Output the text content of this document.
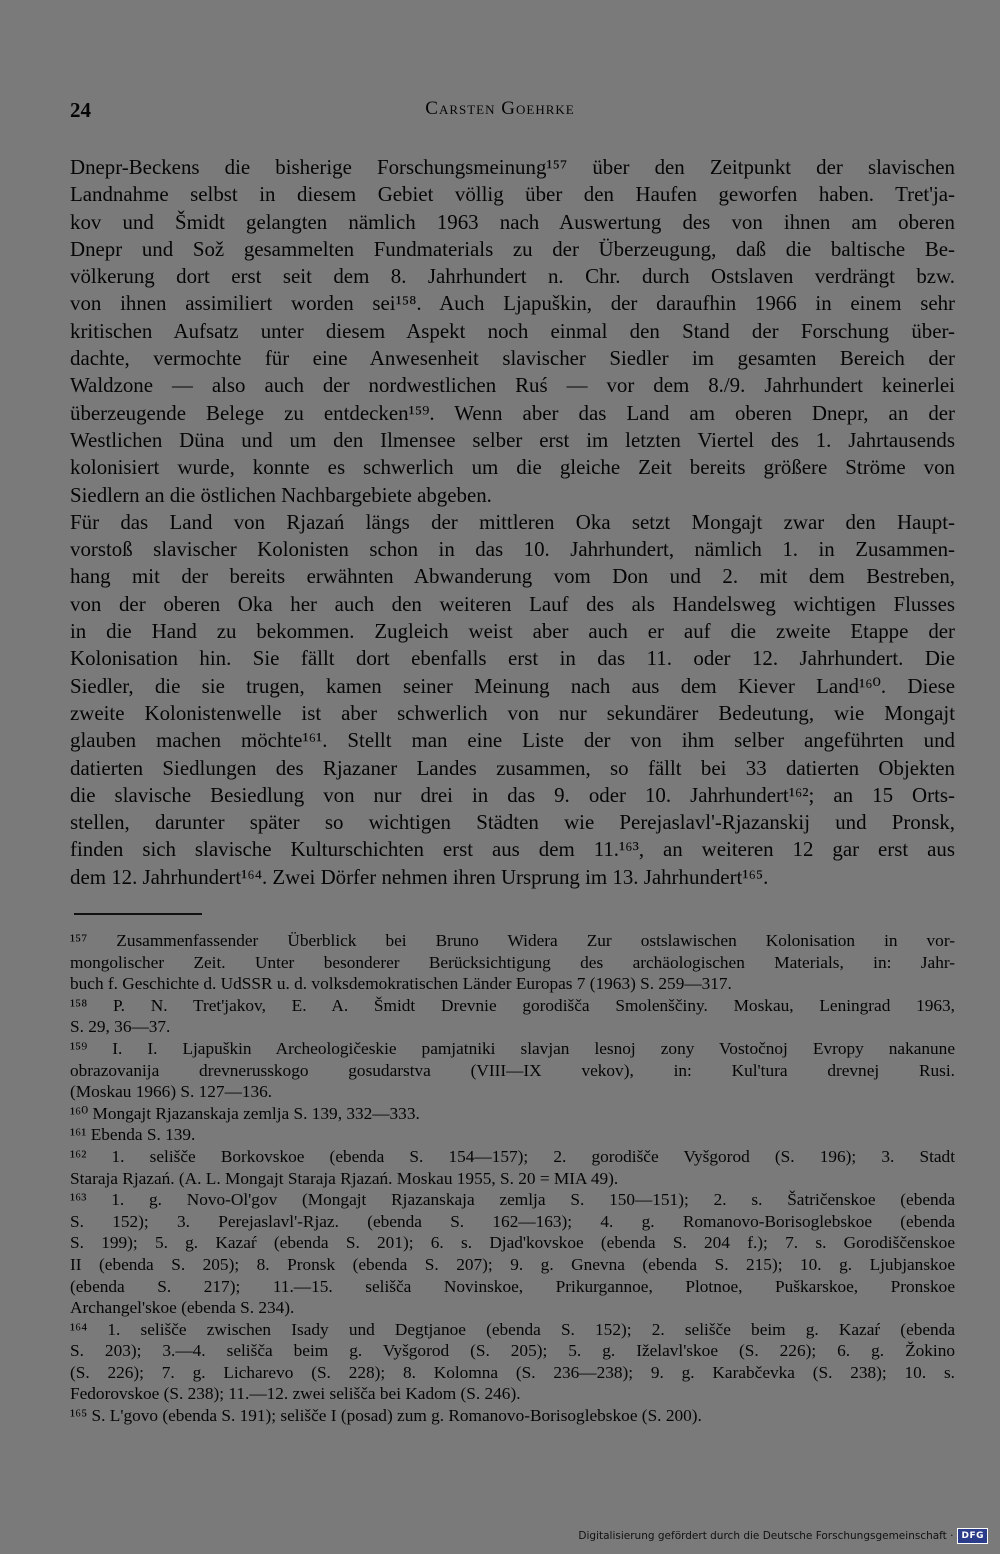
24	Carsten Goehrke
Dnepr-Beckens die bisherige Forschungsmeinung¹⁵⁷ über den Zeitpunkt der slavischen
Landnahme selbst in diesem Gebiet völlig über den Haufen geworfen haben. Tret'ja-
kov und Šmidt gelangten nämlich 1963 nach Auswertung des von ihnen am oberen
Dnepr und Sož gesammelten Fundmaterials zu der Überzeugung, daß die baltische Be-
völkerung dort erst seit dem 8. Jahrhundert n. Chr. durch Ostslaven verdrängt bzw.
von ihnen assimiliert worden sei¹⁵⁸. Auch Ljapuškin, der daraufhin 1966 in einem sehr
kritischen Aufsatz unter diesem Aspekt noch einmal den Stand der Forschung über-
dachte, vermochte für eine Anwesenheit slavischer Siedler im gesamten Bereich der
Waldzone — also auch der nordwestlichen Ruś — vor dem 8./9. Jahrhundert keinerlei
überzeugende Belege zu entdecken¹⁵⁹. Wenn aber das Land am oberen Dnepr, an der
Westlichen Düna und um den Ilmensee selber erst im letzten Viertel des 1. Jahrtausends
kolonisiert wurde, konnte es schwerlich um die gleiche Zeit bereits größere Ströme von
Siedlern an die östlichen Nachbargebiete abgeben.
Für das Land von Rjazań längs der mittleren Oka setzt Mongajt zwar den Haupt-
vorstoß slavischer Kolonisten schon in das 10. Jahrhundert, nämlich 1. in Zusammen-
hang mit der bereits erwähnten Abwanderung vom Don und 2. mit dem Bestreben,
von der oberen Oka her auch den weiteren Lauf des als Handelsweg wichtigen Flusses
in die Hand zu bekommen. Zugleich weist aber auch er auf die zweite Etappe der
Kolonisation hin. Sie fällt dort ebenfalls erst in das 11. oder 12. Jahrhundert. Die
Siedler, die sie trugen, kamen seiner Meinung nach aus dem Kiever Land¹⁶⁰. Diese
zweite Kolonistenwelle ist aber schwerlich von nur sekundärer Bedeutung, wie Mongajt
glauben machen möchte¹⁶¹. Stellt man eine Liste der von ihm selber angeführten und
datierten Siedlungen des Rjazaner Landes zusammen, so fällt bei 33 datierten Objekten
die slavische Besiedlung von nur drei in das 9. oder 10. Jahrhundert¹⁶²; an 15 Orts-
stellen, darunter später so wichtigen Städten wie Perejaslavl'-Rjazanskij und Pronsk,
finden sich slavische Kulturschichten erst aus dem 11.¹⁶³, an weiteren 12 gar erst aus
dem 12. Jahrhundert¹⁶⁴. Zwei Dörfer nehmen ihren Ursprung im 13. Jahrhundert¹⁶⁵.
¹⁵⁷ Zusammenfassender Überblick bei Bruno Widera Zur ostslawischen Kolonisation in vor-
mongolischer Zeit. Unter besonderer Berücksichtigung des archäologischen Materials, in: Jahr-
buch f. Geschichte d. UdSSR u. d. volksdemokratischen Länder Europas 7 (1963) S. 259—317.
¹⁵⁸ P. N. Tret'jakov, E. A. Šmidt Drevnie gorodišča Smolenščiny. Moskau, Leningrad 1963,
S. 29, 36—37.
¹⁵⁹ I. I. Ljapuškin Archeologičeskie pamjatniki slavjan lesnoj zony Vostočnoj Evropy nakanune
obrazovanija drevnerusskogo gosudarstva (VIII—IX vekov), in: Kul'tura drevnej Rusi.
(Moskau 1966) S. 127—136.
¹⁶⁰ Mongajt Rjazanskaja zemlja S. 139, 332—333.
¹⁶¹ Ebenda S. 139.
¹⁶² 1. selišče Borkovskoe (ebenda S. 154—157); 2. gorodišče Vyšgorod (S. 196); 3. Stadt
Staraja Rjazań. (A. L. Mongajt Staraja Rjazań. Moskau 1955, S. 20 = MIA 49).
¹⁶³ 1. g. Novo-Ol'gov (Mongajt Rjazanskaja zemlja S. 150—151); 2. s. Šatričenskoe (ebenda
S. 152); 3. Perejaslavl'-Rjaz. (ebenda S. 162—163); 4. g. Romanovo-Borisoglebskoe (ebenda
S. 199); 5. g. Kazaŕ (ebenda S. 201); 6. s. Djad'kovskoe (ebenda S. 204 f.); 7. s. Gorodiščenskoe
II (ebenda S. 205); 8. Pronsk (ebenda S. 207); 9. g. Gnevna (ebenda S. 215); 10. g. Ljubjanskoe
(ebenda S. 217); 11.—15. selišča Novinskoe, Prikurgannoe, Plotnoe, Puškarskoe, Pronskoe
Archangel'skoe (ebenda S. 234).
¹⁶⁴ 1. selišče zwischen Isady und Degtjanoe (ebenda S. 152); 2. selišče beim g. Kazaŕ (ebenda
S. 203); 3.—4. selišča beim g. Vyšgorod (S. 205); 5. g. Iželavl'skoe (S. 226); 6. g. Žokino
(S. 226); 7. g. Licharevo (S. 228); 8. Kolomna (S. 236—238); 9. g. Karabčevka (S. 238); 10. s.
Fedorovskoe (S. 238); 11.—12. zwei selišča bei Kadom (S. 246).
¹⁶⁵ S. L'govo (ebenda S. 191); selišče I (posad) zum g. Romanovo-Borisoglebskoe (S. 200).
Digitalisierung gefördert durch die Deutsche Forschungsgemeinschaft · DFG
